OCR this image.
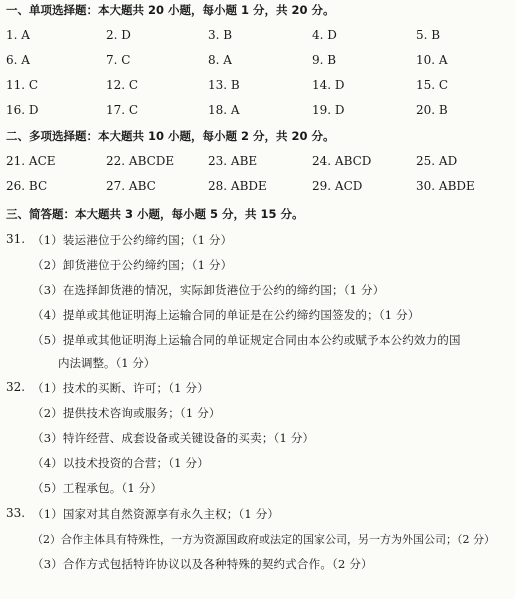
一、单项选择题：本大题共 20 小题，每小题 1 分，共 20 分。
1. A	2. D	3. B	4. D	5. B
6. A	7. C	8. A	9. B	10. A
11. C	12. C	13. B	14. D	15. C
16. D	17. C	18. A	19. D	20. B
二、多项选择题：本大题共 10 小题，每小题 2 分，共 20 分。
21. ACE	22. ABCDE	23. ABE	24. ABCD	25. AD
26. BC	27. ABC	28. ABDE	29. ACD	30. ABDE
三、简答题：本大题共 3 小题，每小题 5 分，共 15 分。
31. （1）装运港位于公约缔约国；（1 分）
（2）卸货港位于公约缔约国；（1 分）
（3）在选择卸货港的情况，实际卸货港位于公约的缔约国；（1 分）
（4）提单或其他证明海上运输合同的单证是在公约缔约国签发的；（1 分）
（5）提单或其他证明海上运输合同的单证规定合同由本公约或赋予本公约效力的国
内法调整。（1 分）
32. （1）技术的买断、许可；（1 分）
（2）提供技术咨询或服务；（1 分）
（3）特许经营、成套设备或关键设备的买卖；（1 分）
（4）以技术投资的合营；（1 分）
（5）工程承包。（1 分）
33. （1）国家对其自然资源享有永久主权；（1 分）
（2）合作主体具有特殊性，一方为资源国政府或法定的国家公司，另一方为外国公司；（2 分）
（3）合作方式包括特许协议以及各种特殊的契约式合作。（2 分）
